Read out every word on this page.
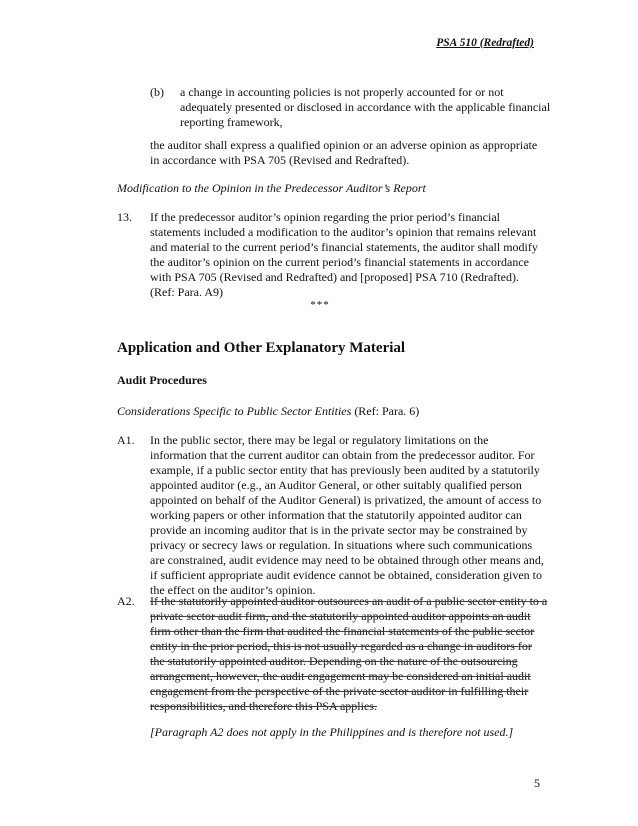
PSA 510 (Redrafted)
(b) a change in accounting policies is not properly accounted for or not
adequately presented or disclosed in accordance with the applicable financial
reporting framework,
the auditor shall express a qualified opinion or an adverse opinion as appropriate
in accordance with PSA 705 (Revised and Redrafted).
Modification to the Opinion in the Predecessor Auditor’s Report
13. If the predecessor auditor’s opinion regarding the prior period’s financial
statements included a modification to the auditor’s opinion that remains relevant
and material to the current period’s financial statements, the auditor shall modify
the auditor’s opinion on the current period’s financial statements in accordance
with PSA 705 (Revised and Redrafted) and [proposed] PSA 710 (Redrafted).
(Ref: Para. A9)
***
Application and Other Explanatory Material
Audit Procedures
Considerations Specific to Public Sector Entities (Ref: Para. 6)
A1. In the public sector, there may be legal or regulatory limitations on the
information that the current auditor can obtain from the predecessor auditor. For
example, if a public sector entity that has previously been audited by a statutorily
appointed auditor (e.g., an Auditor General, or other suitably qualified person
appointed on behalf of the Auditor General) is privatized, the amount of access to
working papers or other information that the statutorily appointed auditor can
provide an incoming auditor that is in the private sector may be constrained by
privacy or secrecy laws or regulation. In situations where such communications
are constrained, audit evidence may need to be obtained through other means and,
if sufficient appropriate audit evidence cannot be obtained, consideration given to
the effect on the auditor’s opinion.
A2. If the statutorily appointed auditor outsources an audit of a public sector entity to a
private sector audit firm, and the statutorily appointed auditor appoints an audit
firm other than the firm that audited the financial statements of the public sector
entity in the prior period, this is not usually regarded as a change in auditors for
the statutorily appointed auditor. Depending on the nature of the outsourcing
arrangement, however, the audit engagement may be considered an initial audit
engagement from the perspective of the private sector auditor in fulfilling their
responsibilities, and therefore this PSA applies.
[Paragraph A2 does not apply in the Philippines and is therefore not used.]
5
